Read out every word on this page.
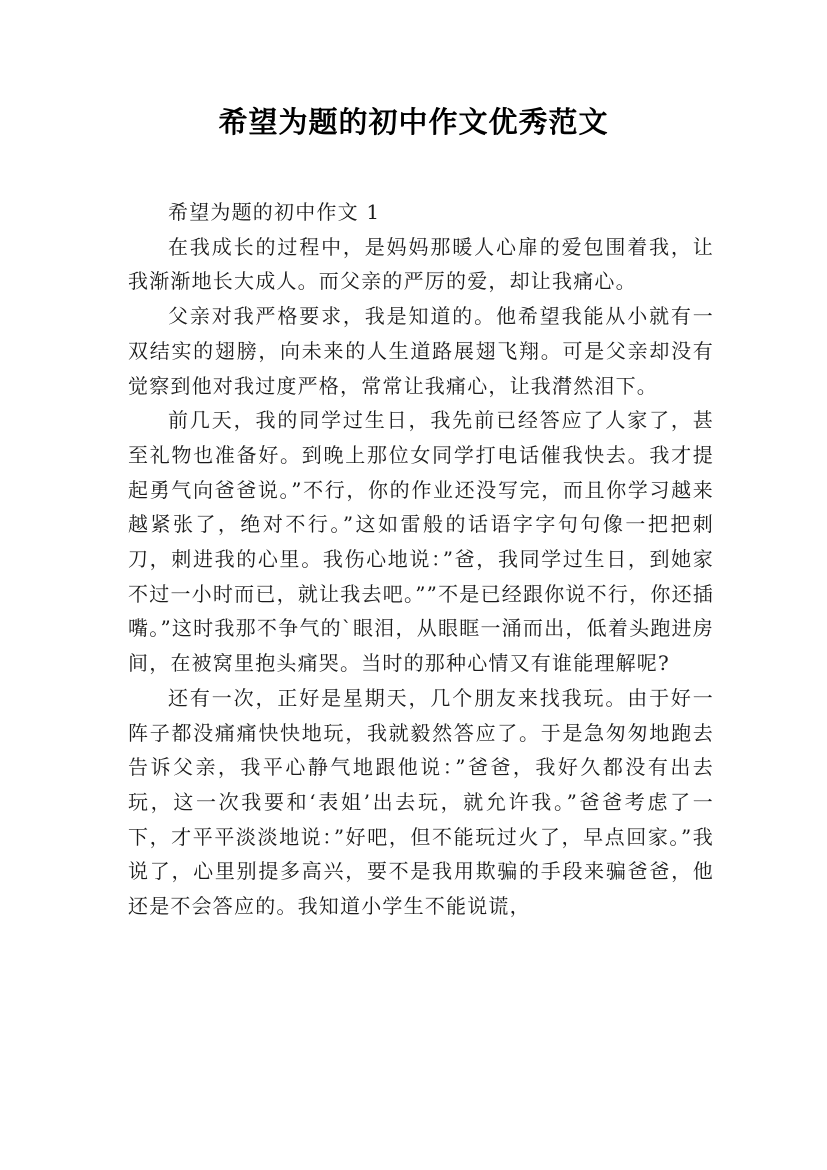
希望为题的初中作文优秀范文

希望为题的初中作文 1

在我成长的过程中，是妈妈那暖人心扉的爱包围着我，让我渐渐地长大成人。而父亲的严厉的爱，却让我痛心。

父亲对我严格要求，我是知道的。他希望我能从小就有一双结实的翅膀，向未来的人生道路展翅飞翔。可是父亲却没有觉察到他对我过度严格，常常让我痛心，让我潸然泪下。

前几天，我的同学过生日，我先前已经答应了人家了，甚至礼物也准备好。到晚上那位女同学打电话催我快去。我才提起勇气向爸爸说。”不行，你的作业还没写完，而且你学习越来越紧张了，绝对不行。”这如雷般的话语字字句句像一把把刺刀，刺进我的心里。我伤心地说：”爸，我同学过生日，到她家不过一小时而已，就让我去吧。””不是已经跟你说不行，你还插嘴。”这时我那不争气的`眼泪，从眼眶一涌而出，低着头跑进房间，在被窝里抱头痛哭。当时的那种心情又有谁能理解呢?

还有一次，正好是星期天，几个朋友来找我玩。由于好一阵子都没痛痛快快地玩，我就毅然答应了。于是急匆匆地跑去告诉父亲，我平心静气地跟他说：”爸爸，我好久都没有出去玩，这一次我要和‘表姐’出去玩，就允许我。”爸爸考虑了一下，才平平淡淡地说：”好吧，但不能玩过火了，早点回家。”我说了，心里别提多高兴，要不是我用欺骗的手段来骗爸爸，他还是不会答应的。我知道小学生不能说谎，
